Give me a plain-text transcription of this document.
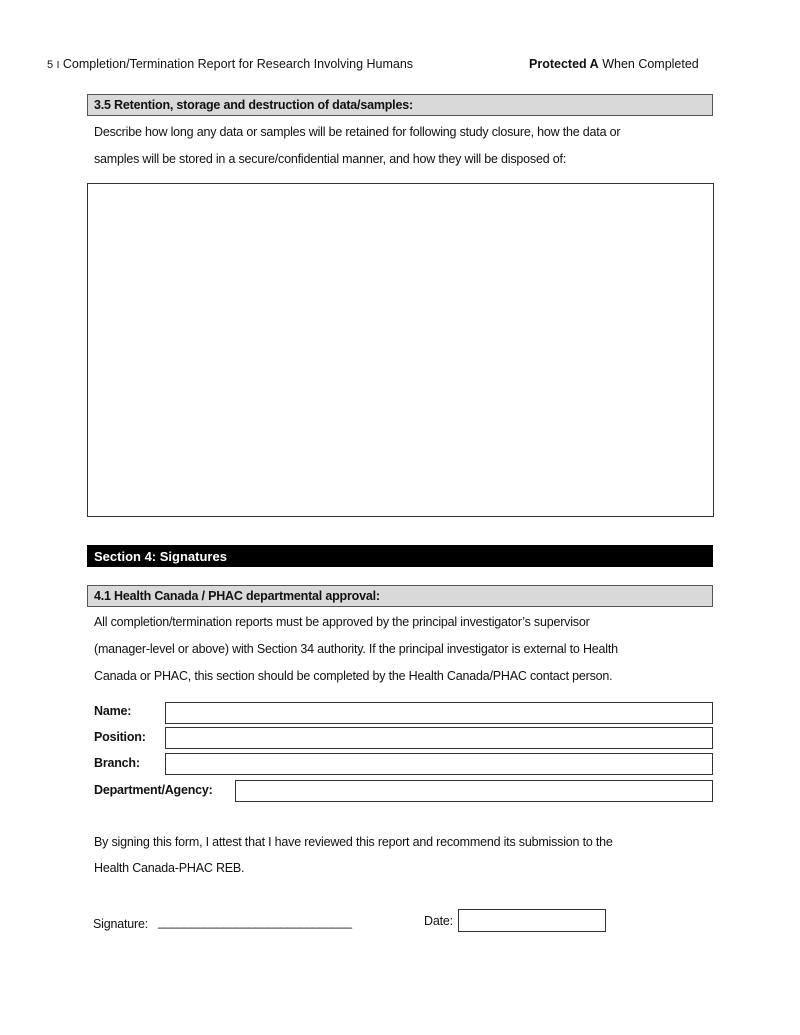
5 I Completion/Termination Report for Research Involving Humans	Protected A When Completed
3.5 Retention, storage and destruction of data/samples:
Describe how long any data or samples will be retained for following study closure, how the data or
samples will be stored in a secure/confidential manner, and how they will be disposed of:
Section 4: Signatures
4.1 Health Canada / PHAC departmental approval:
All completion/termination reports must be approved by the principal investigator’s supervisor
(manager-level or above) with Section 34 authority. If the principal investigator is external to Health
Canada or PHAC, this section should be completed by the Health Canada/PHAC contact person.
Name:
Position:
Branch:
Department/Agency:
By signing this form, I attest that I have reviewed this report and recommend its submission to the
Health Canada-PHAC REB.
Signature: ______________________________	Date:
